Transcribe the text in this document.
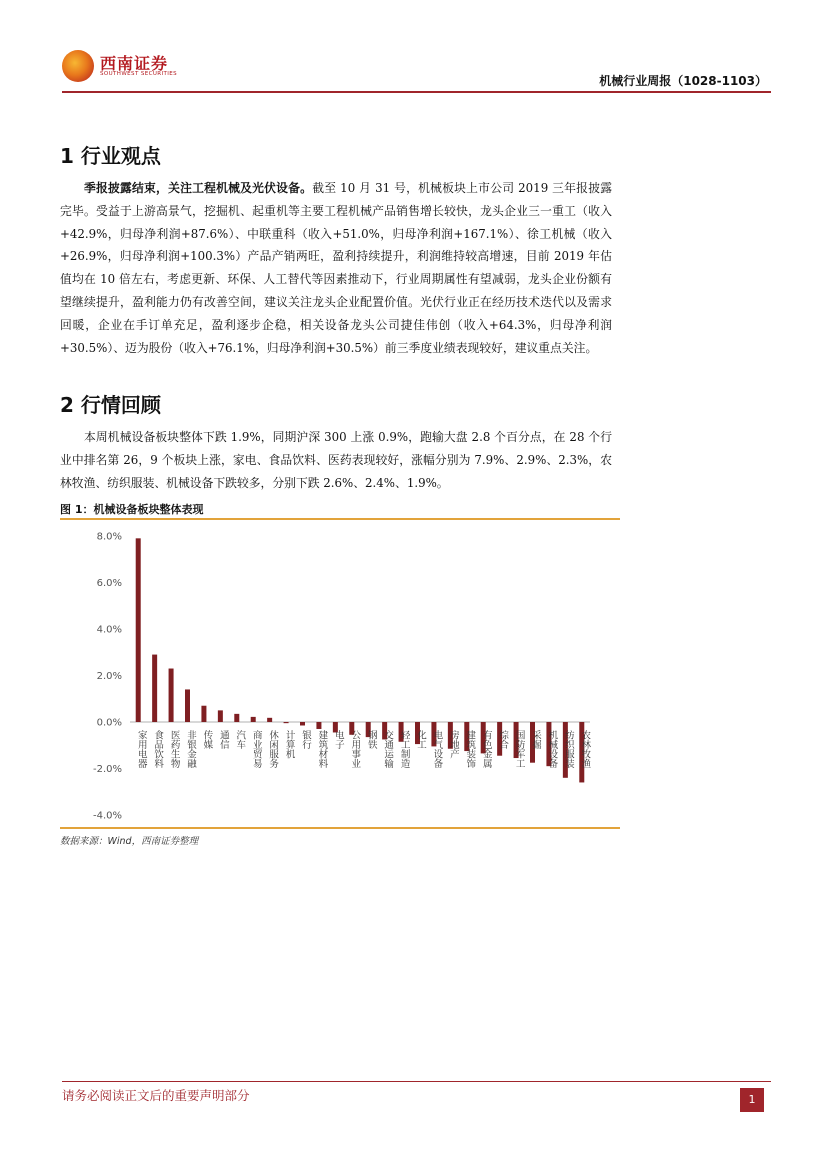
西南证券
SOUTHWEST SECURITIES	机械行业周报（1028-1103）
1 行业观点
季报披露结束，关注工程机械及光伏设备。截至 10 月 31 号，机械板块上市公司 2019 三年报披露完毕。受益于上游高景气，挖掘机、起重机等主要工程机械产品销售增长较快，龙头企业三一重工（收入+42.9%，归母净利润+87.6%）、中联重科（收入+51.0%，归母净利润+167.1%）、徐工机械（收入+26.9%，归母净利润+100.3%）产品产销两旺，盈利持续提升，利润维持较高增速，目前 2019 年估值均在 10 倍左右，考虑更新、环保、人工替代等因素推动下，行业周期属性有望减弱，龙头企业份额有望继续提升，盈利能力仍有改善空间，建议关注龙头企业配置价值。光伏行业正在经历技术迭代以及需求回暖，企业在手订单充足，盈利逐步企稳，相关设备龙头公司捷佳伟创（收入+64.3%，归母净利润+30.5%）、迈为股份（收入+76.1%，归母净利润+30.5%）前三季度业绩表现较好，建议重点关注。
2 行情回顾
本周机械设备板块整体下跌 1.9%，同期沪深 300 上涨 0.9%，跑输大盘 2.8 个百分点，在 28 个行业中排名第 26，9 个板块上涨，家电、食品饮料、医药表现较好，涨幅分别为 7.9%、2.9%、2.3%，农林牧渔、纺织服装、机械设备下跌较多，分别下跌 2.6%、2.4%、1.9%。
图 1：机械设备板块整体表现
8.0%
6.0%
4.0%
2.0%
0.0%
-2.0%
-4.0%
家用电器 食品饮料 医药生物 非银金融 传媒 通信 汽车 商业贸易 休闲服务 计算机 银行 建筑材料 电子 公用事业 钢铁 交通运输 轻工制造 化工 电气设备 房地产 建筑装饰 有色金属 综合 国防军工 采掘 机械设备 纺织服装 农林牧渔
数据来源：Wind，西南证券整理
请务必阅读正文后的重要声明部分	1
